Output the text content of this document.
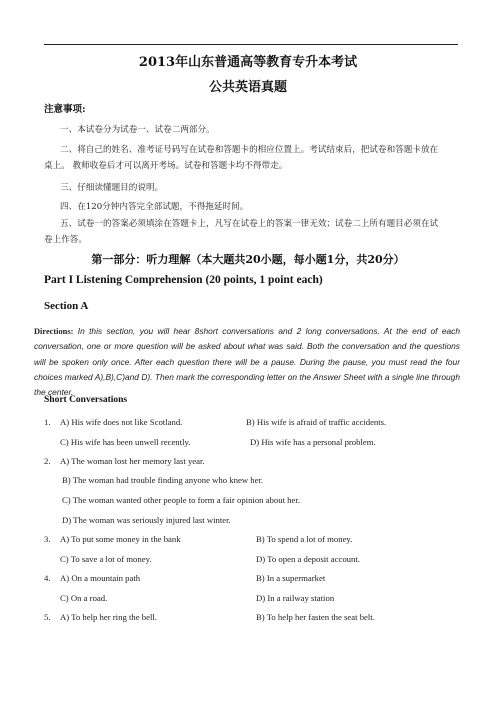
2013年山东普通高等教育专升本考试
公共英语真题
注意事项:
一、本试卷分为试卷一、试卷二两部分。
二、将自己的姓名、准考证号码写在试卷和答题卡的相应位置上。考试结束后，把试卷和答题卡放在桌上。 教师收卷后才可以离开考场。试卷和答题卡均不得带走。
三、仔细读懂题目的说明。
四、在120分钟内答完全部试题，不得拖延时间。
五、试卷一的答案必须填涂在答题卡上，凡写在试卷上的答案一律无效；试卷二上所有题目必须在试卷上作答。
第一部分：听力理解（本大题共20小题，每小题1分，共20分）
Part I Listening Comprehension (20 points, 1 point each)
Section A
Directions: In this section, you will hear 8short conversations and 2 long conversations. At the end of each conversation, one or more question will be asked about what was said. Both the conversation and the questions will be spoken only once. After each question there will be a pause. During the pause, you must read the four choices marked A),B),C)and D). Then mark the corresponding letter on the Answer Sheet with a single line through the center.
Short Conversations
1. A) His wife does not like Scotland.	B) His wife is afraid of traffic accidents.
C) His wife has been unwell recently.	D) His wife has a personal problem.
2. A) The woman lost her memory last year.
B) The woman had trouble finding anyone who knew her.
C) The woman wanted other people to form a fair opinion about her.
D) The woman was seriously injured last winter.
3. A) To put some money in the bank	B) To spend a lot of money.
C) To save a lot of money.	D) To open a deposit account.
4. A) On a mountain path	B) In a supermarket
C) On a road.	D) In a railway station
5. A) To help her ring the bell.	B) To help her fasten the seat belt.
